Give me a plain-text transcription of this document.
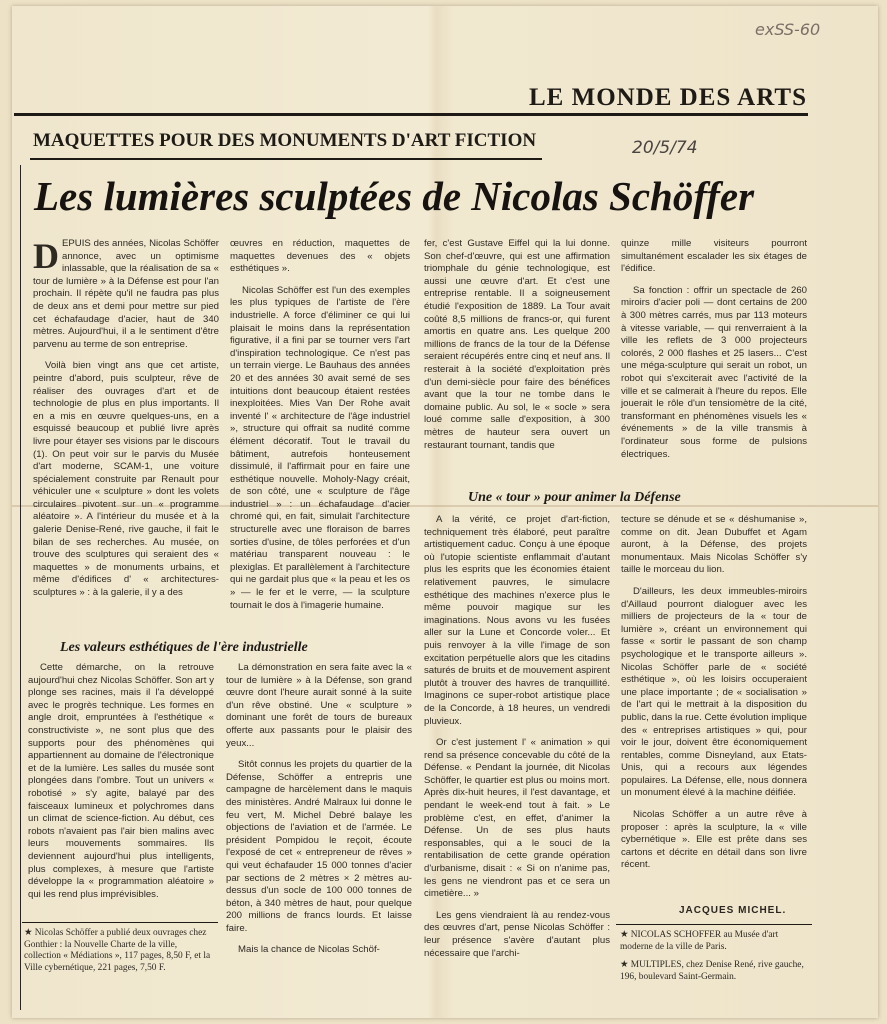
exSS-60
20/5/74
LE MONDE DES ARTS
MAQUETTES POUR DES MONUMENTS D'ART FICTION
Les lumières sculptées de Nicolas Schöffer

DEPUIS des années, Nicolas Schöffer annonce, avec un optimisme inlassable, que la réalisation de sa « tour de lumière » à la Défense est pour l'an prochain. Il répète qu'il ne faudra pas plus de deux ans et demi pour mettre sur pied cet échafaudage d'acier, haut de 340 mètres. Aujourd'hui, il a le sentiment d'être parvenu au terme de son entreprise.

Voilà bien vingt ans que cet artiste, peintre d'abord, puis sculpteur, rêve de réaliser des ouvrages d'art et de technologie de plus en plus importants. Il en a mis en œuvre quelques-uns, en a esquissé beaucoup et publié livre après livre pour étayer ses visions par le discours (1). On peut voir sur le parvis du Musée d'art moderne, SCAM-1, une voiture spécialement construite par Renault pour véhiculer une « sculpture » dont les volets circulaires pivotent sur un « programme aléatoire ». A l'intérieur du musée et à la galerie Denise-René, rive gauche, il fait le bilan de ses recherches. Au musée, on trouve des sculptures qui seraient des « maquettes » de monuments urbains, et même d'édifices d' « architectures-sculptures » : à la galerie, il y a des

œuvres en réduction, maquettes de maquettes devenues des « objets esthétiques ».

Nicolas Schöffer est l'un des exemples les plus typiques de l'artiste de l'ère industrielle. A force d'éliminer ce qui lui plaisait le moins dans la représentation figurative, il a fini par se tourner vers l'art d'inspiration technologique. Ce n'est pas un terrain vierge. Le Bauhaus des années 20 et des années 30 avait semé de ses intuitions dont beaucoup étaient restées inexploitées. Mies Van Der Rohe avait inventé l' « architecture de l'âge industriel », structure qui offrait sa nudité comme élément décoratif. Tout le travail du bâtiment, autrefois honteusement dissimulé, il l'affirmait pour en faire une esthétique nouvelle. Moholy-Nagy créait, de son côté, une « sculpture de l'âge industriel » : un échafaudage d'acier chromé qui, en fait, simulait l'architecture structurelle avec une floraison de barres sorties d'usine, de tôles perforées et d'un matériau transparent nouveau : le plexiglas. Et parallèlement à l'architecture qui ne gardait plus que « la peau et les os » — le fer et le verre, — la sculpture tournait le dos à l'imagerie humaine.

fer, c'est Gustave Eiffel qui la lui donne. Son chef-d'œuvre, qui est une affirmation triomphale du génie technologique, est aussi une œuvre d'art. Et c'est une entreprise rentable. Il a soigneusement étudié l'exposition de 1889. La Tour avait coûté 8,5 millions de francs-or, qui furent amortis en quatre ans. Les quelque 200 millions de francs de la tour de la Défense seraient récupérés entre cinq et neuf ans. Il resterait à la société d'exploitation près d'un demi-siècle pour faire des bénéfices avant que la tour ne tombe dans le domaine public. Au sol, le « socle » sera loué comme salle d'exposition, à 300 mètres de hauteur sera ouvert un restaurant tournant, tandis que

quinze mille visiteurs pourront simultanément escalader les six étages de l'édifice.

Sa fonction : offrir un spectacle de 260 miroirs d'acier poli — dont certains de 200 à 300 mètres carrés, mus par 113 moteurs à vitesse variable, — qui renverraient à la ville les reflets de 3 000 projecteurs colorés, 2 000 flashes et 25 lasers... C'est une méga-sculpture qui serait un robot, un robot qui s'exciterait avec l'activité de la ville et se calmerait à l'heure du repos. Elle jouerait le rôle d'un tensiomètre de la cité, transformant en phénomènes visuels les « événements » de la ville transmis à l'ordinateur sous forme de pulsions électriques.

Une « tour » pour animer la Défense
Les valeurs esthétiques de l'ère industrielle

Cette démarche, on la retrouve aujourd'hui chez Nicolas Schöffer. Son art y plonge ses racines, mais il l'a développé avec le progrès technique. Les formes en angle droit, empruntées à l'esthétique « constructiviste », ne sont plus que des supports pour des phénomènes qui appartiennent au domaine de l'électronique et de la lumière. Les salles du musée sont plongées dans l'ombre. Tout un univers « robotisé » s'y agite, balayé par des faisceaux lumineux et polychromes dans un climat de science-fiction. Au début, ces robots n'avaient pas l'air bien malins avec leurs mouvements sommaires. Ils deviennent aujourd'hui plus intelligents, plus complexes, à mesure que l'artiste développe la « programmation aléatoire » qui les rend plus imprévisibles.

La démonstration en sera faite avec la « tour de lumière » à la Défense, son grand œuvre dont l'heure aurait sonné à la suite d'un rêve obstiné. Une « sculpture » dominant une forêt de tours de bureaux offerte aux passants pour le plaisir des yeux...

Sitôt connus les projets du quartier de la Défense, Schöffer a entrepris une campagne de harcèlement dans le maquis des ministères. André Malraux lui donne le feu vert, M. Michel Debré balaye les objections de l'aviation et de l'armée. Le président Pompidou le reçoit, écoute l'exposé de cet « entrepreneur de rêves » qui veut échafauder 15 000 tonnes d'acier par sections de 2 mètres × 2 mètres au-dessus d'un socle de 100 000 tonnes de béton, à 340 mètres de haut, pour quelque 200 millions de francs lourds. Et laisse faire.

Mais la chance de Nicolas Schöf-

A la vérité, ce projet d'art-fiction, techniquement très élaboré, peut paraître artistiquement caduc. Conçu à une époque où l'utopie scientiste enflammait d'autant plus les esprits que les économies étaient relativement pauvres, le simulacre esthétique des machines n'exerce plus le même pouvoir magique sur les imaginations. Nous avons vu les fusées aller sur la Lune et Concorde voler... Et puis renvoyer à la ville l'image de son excitation perpétuelle alors que les citadins saturés de bruits et de mouvement aspirent plutôt à trouver des havres de tranquillité. Imaginons ce super-robot artistique place de la Concorde, à 18 heures, un vendredi pluvieux.

Or c'est justement l' « animation » qui rend sa présence concevable du côté de la Défense. « Pendant la journée, dit Nicolas Schöffer, le quartier est plus ou moins mort. Après dix-huit heures, il l'est davantage, et pendant le week-end tout à fait. » Le problème c'est, en effet, d'animer la Défense. Un de ses plus hauts responsables, qui a le souci de la rentabilisation de cette grande opération d'urbanisme, disait : « Si on n'anime pas, les gens ne viendront pas et ce sera un cimetière... »

Les gens viendraient là au rendez-vous des œuvres d'art, pense Nicolas Schöffer : leur présence s'avère d'autant plus nécessaire que l'archi-

tecture se dénude et se « déshumanise », comme on dit. Jean Dubuffet et Agam auront, à la Défense, des projets monumentaux. Mais Nicolas Schöffer s'y taille le morceau du lion.

D'ailleurs, les deux immeubles-miroirs d'Aillaud pourront dialoguer avec les milliers de projecteurs de la « tour de lumière », créant un environnement qui fasse « sortir le passant de son champ psychologique et le transporte ailleurs ». Nicolas Schöffer parle de « société esthétique », où les loisirs occuperaient une place importante ; de « socialisation » de l'art qui le mettrait à la disposition du public, dans la rue. Cette évolution implique des « entreprises artistiques » qui, pour voir le jour, doivent être économiquement rentables, comme Disneyland, aux Etats-Unis, qui a recours aux légendes populaires. La Défense, elle, nous donnera un monument élevé à la machine déifiée.

Nicolas Schöffer a un autre rêve à proposer : après la sculpture, la « ville cybernétique ». Elle est prête dans ses cartons et décrite en détail dans son livre récent.

JACQUES MICHEL.
★ Nicolas Schöffer a publié deux ouvrages chez Gonthier : la Nouvelle Charte de la ville, collection « Médiations », 117 pages, 8,50 F, et la Ville cybernétique, 221 pages, 7,50 F.
★ NICOLAS SCHOFFER au Musée d'art moderne de la ville de Paris.
★ MULTIPLES, chez Denise René, rive gauche, 196, boulevard Saint-Germain.
